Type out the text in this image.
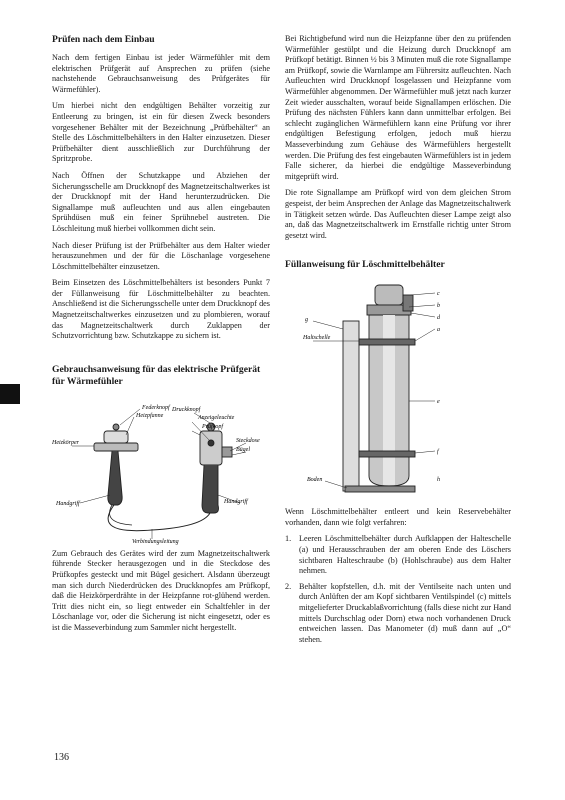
Prüfen nach dem Einbau

Nach dem fertigen Einbau ist jeder Wärmefühler mit dem elektrischen Prüfgerät auf Ansprechen zu prüfen (siehe nachstehende Gebrauchsanweisung des Prüfgerätes für Wärmefühler).

Um hierbei nicht den endgültigen Behälter vorzeitig zur Entleerung zu bringen, ist ein für diesen Zweck besonders vorgesehener Behälter mit der Bezeichnung „Prüfbehälter“ an Stelle des Löschmittelbehälters in den Halter einzusetzen. Dieser Prüfbehälter dient ausschließlich zur Durchführung der Spritzprobe.

Nach Öffnen der Schutzkappe und Abziehen der Sicherungsschelle am Druckknopf des Magnetzeitschaltwerkes ist der Druckknopf mit der Hand herunterzudrücken. Die Signallampe muß aufleuchten und aus allen eingebauten Sprühdüsen muß ein feiner Sprühnebel austreten. Die Löschleitung muß hierbei vollkommen dicht sein.

Nach dieser Prüfung ist der Prüfbehälter aus dem Halter wieder herauszunehmen und der für die Löschanlage vorgesehene Löschmittelbehälter einzusetzen.

Beim Einsetzen des Löschmittelbehälters ist besonders Punkt 7 der Füllanweisung für Löschmittelbehälter zu beachten. Anschließend ist die Sicherungsschelle unter dem Druckknopf des Magnetzeitschaltwerkes einzusetzen und zu plombieren, worauf das Magnetzeitschaltwerk durch Zuklappen der Schutzvorrichtung bzw. Schutzkappe zu sichern ist.

Gebrauchsanweisung für das elektrische Prüfgerät für Wärmefühler
Federknopf
Heizpfanne
Heizkörper
Handgriff
Druckknopf
Anzeigeleuchte
Prüfkopf
Steckdose
Bügel
Handgriff
Verbindungsleitung

Zum Gebrauch des Gerätes wird der zum Magnetzeitschaltwerk führende Stecker herausgezogen und in die Steckdose des Prüfkopfes gesteckt und mit Bügel gesichert. Alsdann überzeugt man sich durch Niederdrücken des Druckknopfes am Prüfkopf, daß die Heizkörperdrähte in der Heizpfanne rot-glühend werden. Tritt dies nicht ein, so liegt entweder ein Schaltfehler in der Löschanlage vor, oder die Sicherung ist nicht eingesetzt, oder es ist die Masseverbindung zum Sammler nicht hergestellt.

Bei Richtigbefund wird nun die Heizpfanne über den zu prüfenden Wärmefühler gestülpt und die Heizung durch Druckknopf am Prüfkopf betätigt. Binnen ½ bis 3 Minuten muß die rote Signallampe am Prüfkopf, sowie die Warnlampe am Führersitz aufleuchten. Nach Aufleuchten wird Druckknopf losgelassen und Heizpfanne vom Wärmefühler abgenommen. Der Wärmefühler muß jetzt nach kurzer Zeit wieder ausschalten, worauf beide Signallampen erlöschen. Die Prüfung des nächsten Fühlers kann dann unmittelbar erfolgen. Bei schlecht zugänglichen Wärmefühlern kann eine Prüfung vor ihrer endgültigen Befestigung erfolgen, jedoch muß hierzu Masseverbindung zum Gehäuse des Wärmefühlers hergestellt werden. Die Prüfung des fest eingebauten Wärmefühlers ist in jedem Falle sicherer, da hierbei die endgültige Masseverbindung mitgeprüft wird.

Die rote Signallampe am Prüfkopf wird von dem gleichen Strom gespeist, der beim Ansprechen der Anlage das Magnetzeitschaltwerk in Tätigkeit setzen würde. Das Aufleuchten dieser Lampe zeigt also an, daß das Magnetzeitschaltwerk im Ernstfalle richtig unter Strom gesetzt wird.

Füllanweisung für Löschmittelbehälter
c
b
d
a
e
f
g
Haltschelle
Boden	h

Wenn Löschmittelbehälter entleert und kein Reservebehälter vorhanden, dann wie folgt verfahren:

1. Leeren Löschmittelbehälter durch Aufklappen der Halteschelle (a) und Herausschrauben der am oberen Ende des Löschers sichtbaren Halteschraube (b) (Hohlschraube) aus dem Halter nehmen.
2. Behälter kopfstellen, d.h. mit der Ventilseite nach unten und durch Anlüften der am Kopf sichtbaren Ventilspindel (c) mittels mitgelieferter Druckablaßvorrichtung (falls diese nicht zur Hand mittels Durchschlag oder Dorn) etwa noch vorhandenen Druck entweichen lassen. Das Manometer (d) muß dann auf „O“ stehen.
136
